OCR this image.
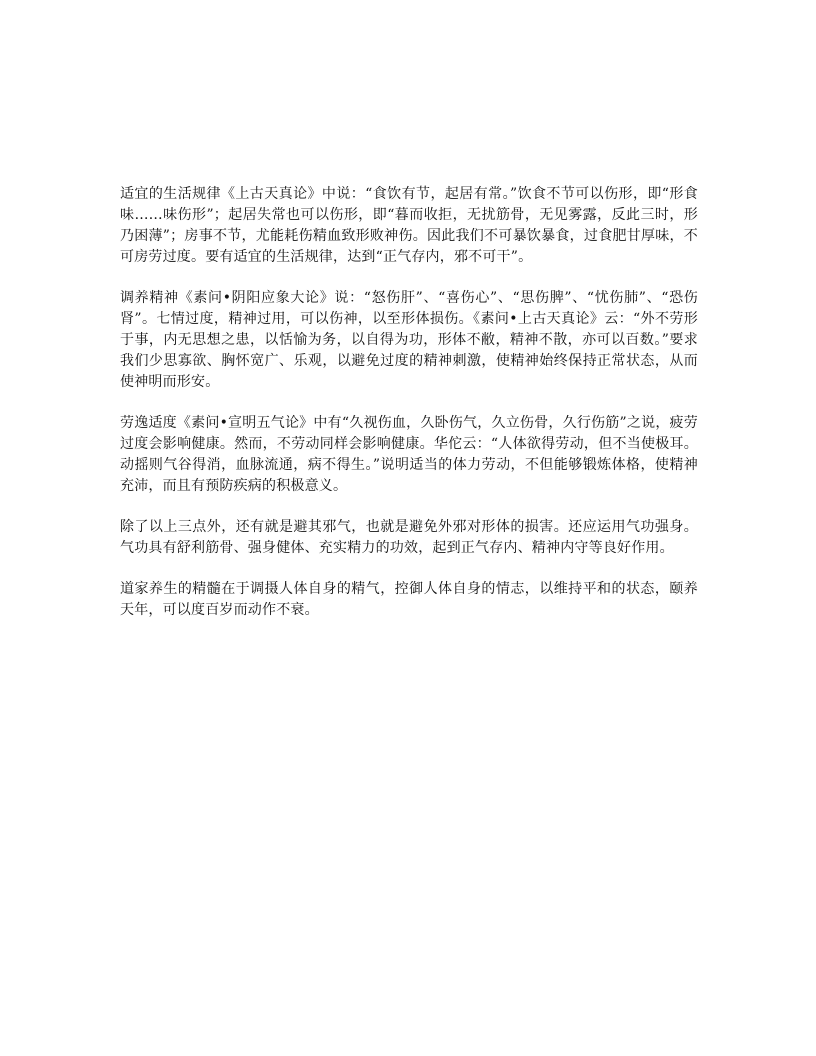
适宜的生活规律《上古天真论》中说：“食饮有节，起居有常。”饮食不节可以伤形，即“形食味……味伤形”；起居失常也可以伤形，即“暮而收拒，无扰筋骨，无见雾露，反此三时，形乃困薄”；房事不节，尤能耗伤精血致形败神伤。因此我们不可暴饮暴食，过食肥甘厚味，不可房劳过度。要有适宜的生活规律，达到“正气存内，邪不可干”。

调养精神《素问•阴阳应象大论》说：“怒伤肝”、“喜伤心”、“思伤脾”、“忧伤肺”、“恐伤肾”。七情过度，精神过用，可以伤神，以至形体损伤。《素问•上古天真论》云：“外不劳形于事，内无思想之患，以恬愉为务，以自得为功，形体不敝，精神不散，亦可以百数。”要求我们少思寡欲、胸怀宽广、乐观，以避免过度的精神刺激，使精神始终保持正常状态，从而使神明而形安。

劳逸适度《素问•宣明五气论》中有“久视伤血，久卧伤气，久立伤骨，久行伤筋”之说，疲劳过度会影响健康。然而，不劳动同样会影响健康。华佗云：“人体欲得劳动，但不当使极耳。动摇则气谷得消，血脉流通，病不得生。”说明适当的体力劳动，不但能够锻炼体格，使精神充沛，而且有预防疾病的积极意义。

除了以上三点外，还有就是避其邪气，也就是避免外邪对形体的损害。还应运用气功强身。气功具有舒利筋骨、强身健体、充实精力的功效，起到正气存内、精神内守等良好作用。

道家养生的精髓在于调摄人体自身的精气，控御人体自身的情志，以维持平和的状态，颐养天年，可以度百岁而动作不衰。
